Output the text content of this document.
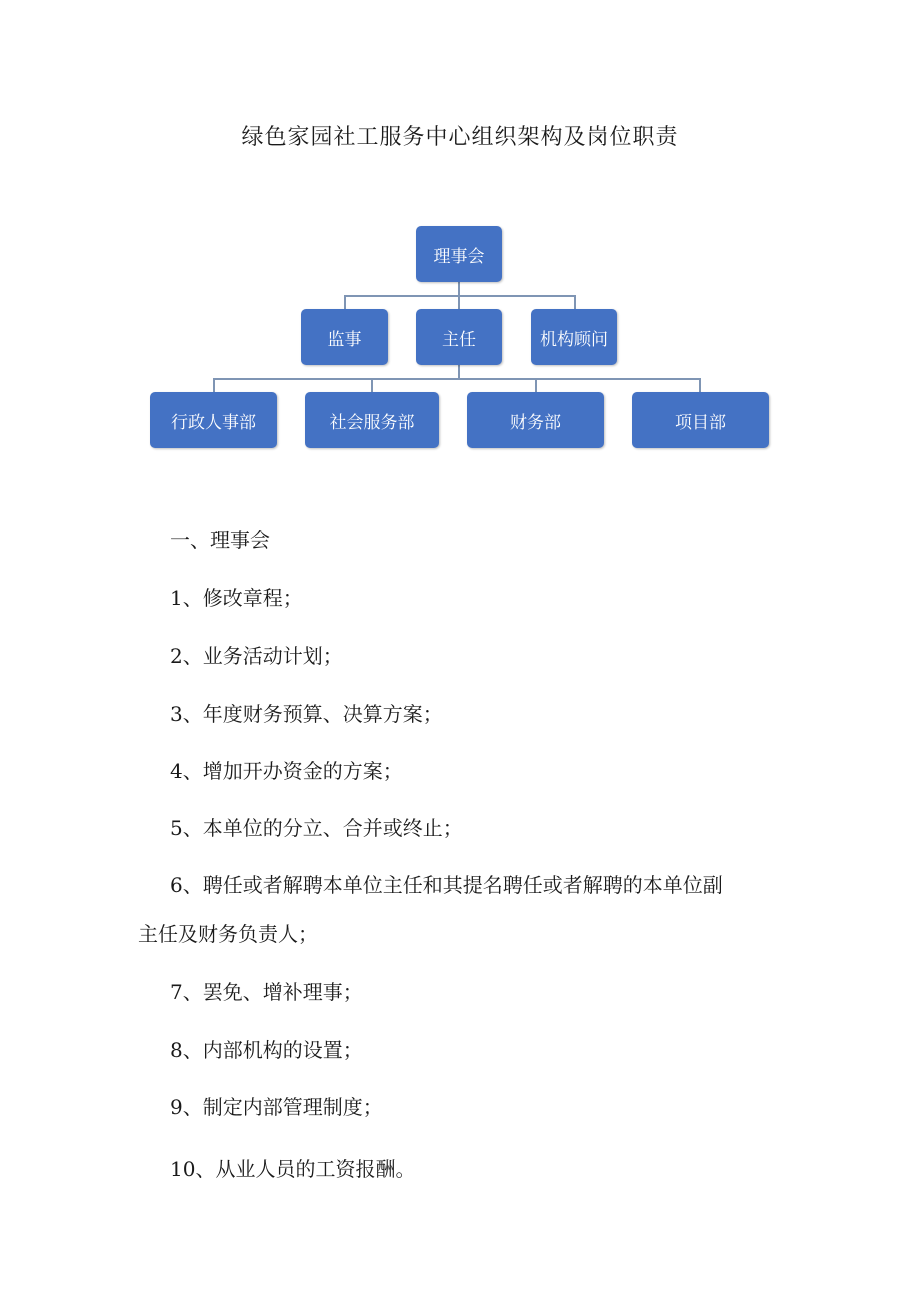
绿色家园社工服务中心组织架构及岗位职责
理事会
监事	主任	机构顾问
行政人事部	社会服务部	财务部	项目部
一、理事会
1、修改章程；
2、业务活动计划；
3、年度财务预算、决算方案；
4、增加开办资金的方案；
5、本单位的分立、合并或终止；
6、聘任或者解聘本单位主任和其提名聘任或者解聘的本单位副
主任及财务负责人；
7、罢免、增补理事；
8、内部机构的设置；
9、制定内部管理制度；
10、从业人员的工资报酬。
